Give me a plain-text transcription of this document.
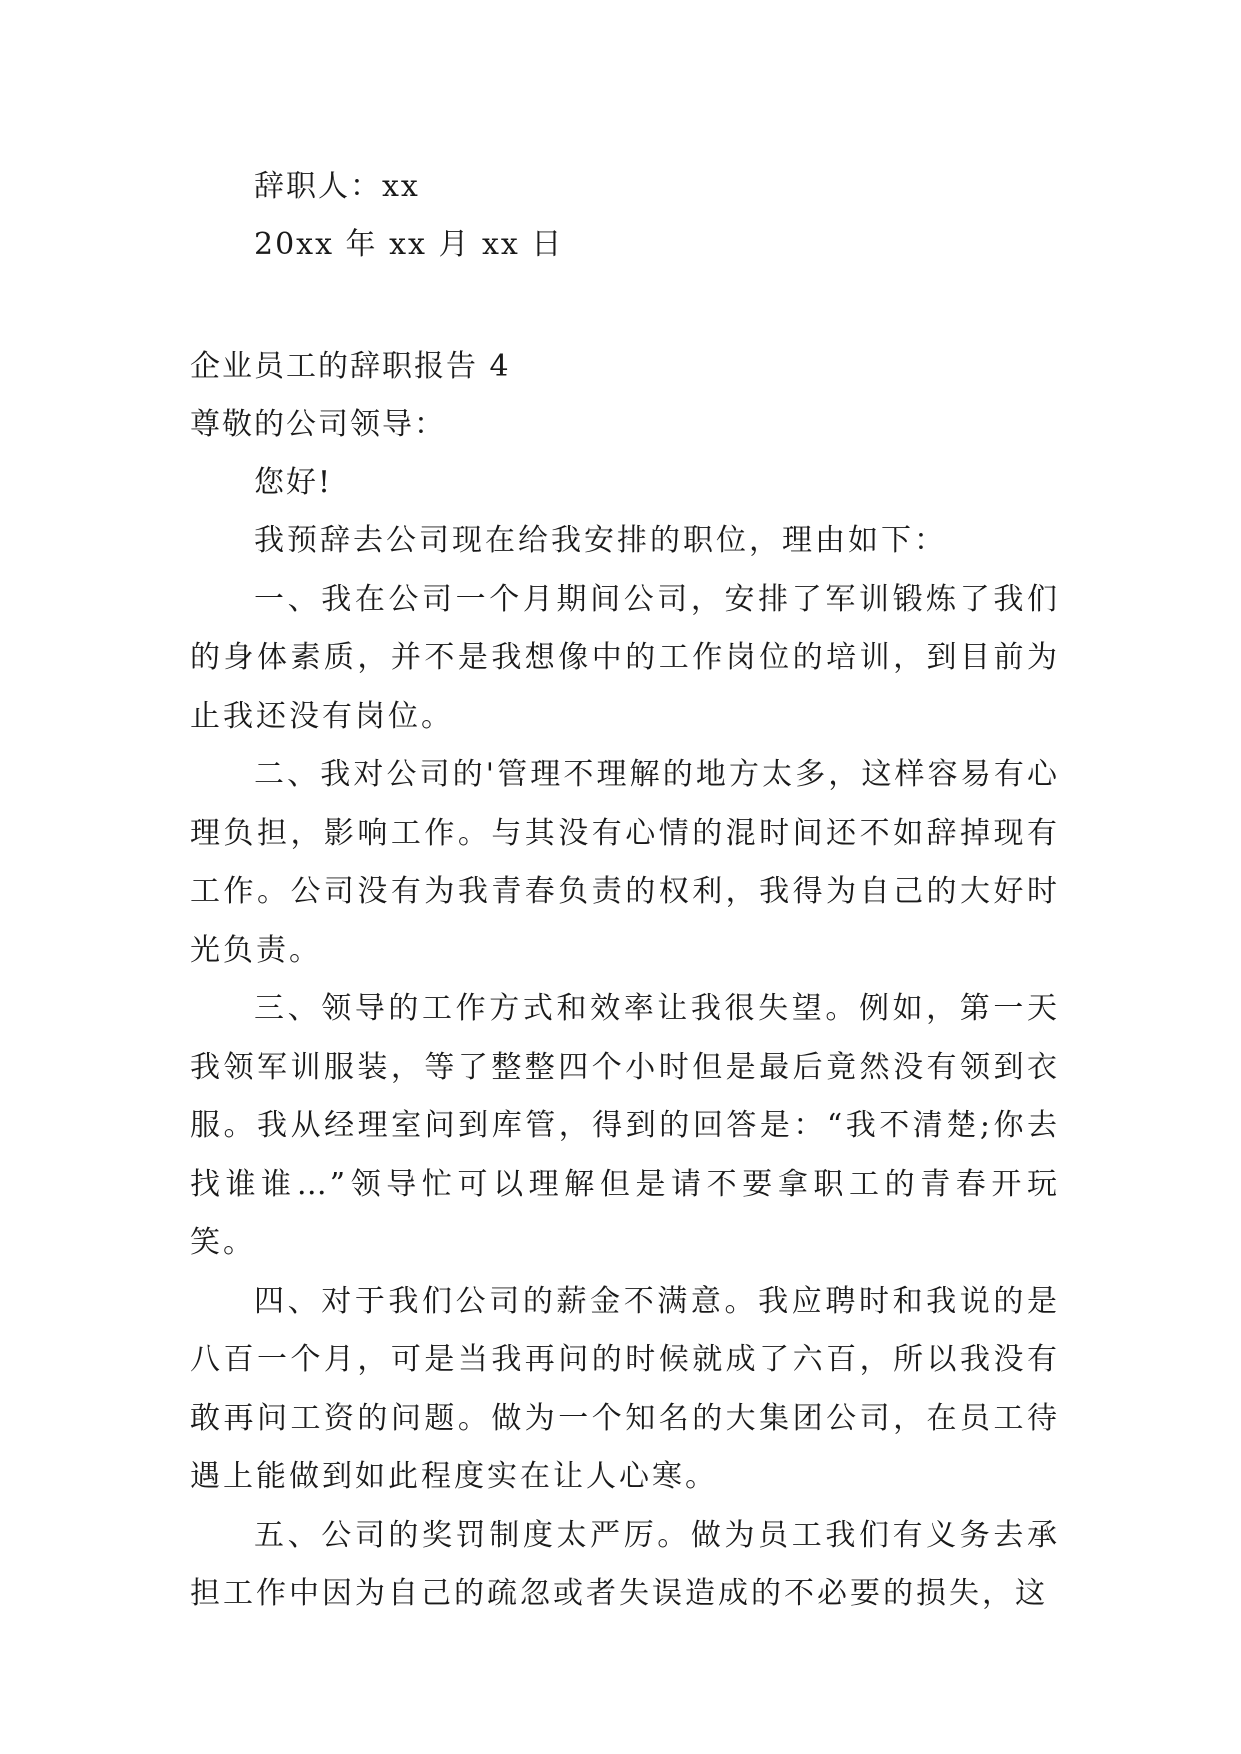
辞职人：xx
20xx 年 xx 月 xx 日
企业员工的辞职报告 4
尊敬的公司领导：
您好!

我预辞去公司现在给我安排的职位，理由如下：

一、我在公司一个月期间公司，安排了军训锻炼了我们的身体素质，并不是我想像中的工作岗位的培训，到目前为止我还没有岗位。

二、我对公司的'管理不理解的地方太多，这样容易有心理负担，影响工作。与其没有心情的混时间还不如辞掉现有工作。公司没有为我青春负责的权利，我得为自己的大好时光负责。

三、领导的工作方式和效率让我很失望。例如，第一天我领军训服装，等了整整四个小时但是最后竟然没有领到衣服。我从经理室问到库管，得到的回答是：“我不清楚;你去找谁谁…”领导忙可以理解但是请不要拿职工的青春开玩笑。

四、对于我们公司的薪金不满意。我应聘时和我说的是八百一个月，可是当我再问的时候就成了六百，所以我没有敢再问工资的问题。做为一个知名的大集团公司，在员工待遇上能做到如此程度实在让人心寒。

五、公司的奖罚制度太严厉。做为员工我们有义务去承担工作中因为自己的疏忽或者失误造成的不必要的损失，这
